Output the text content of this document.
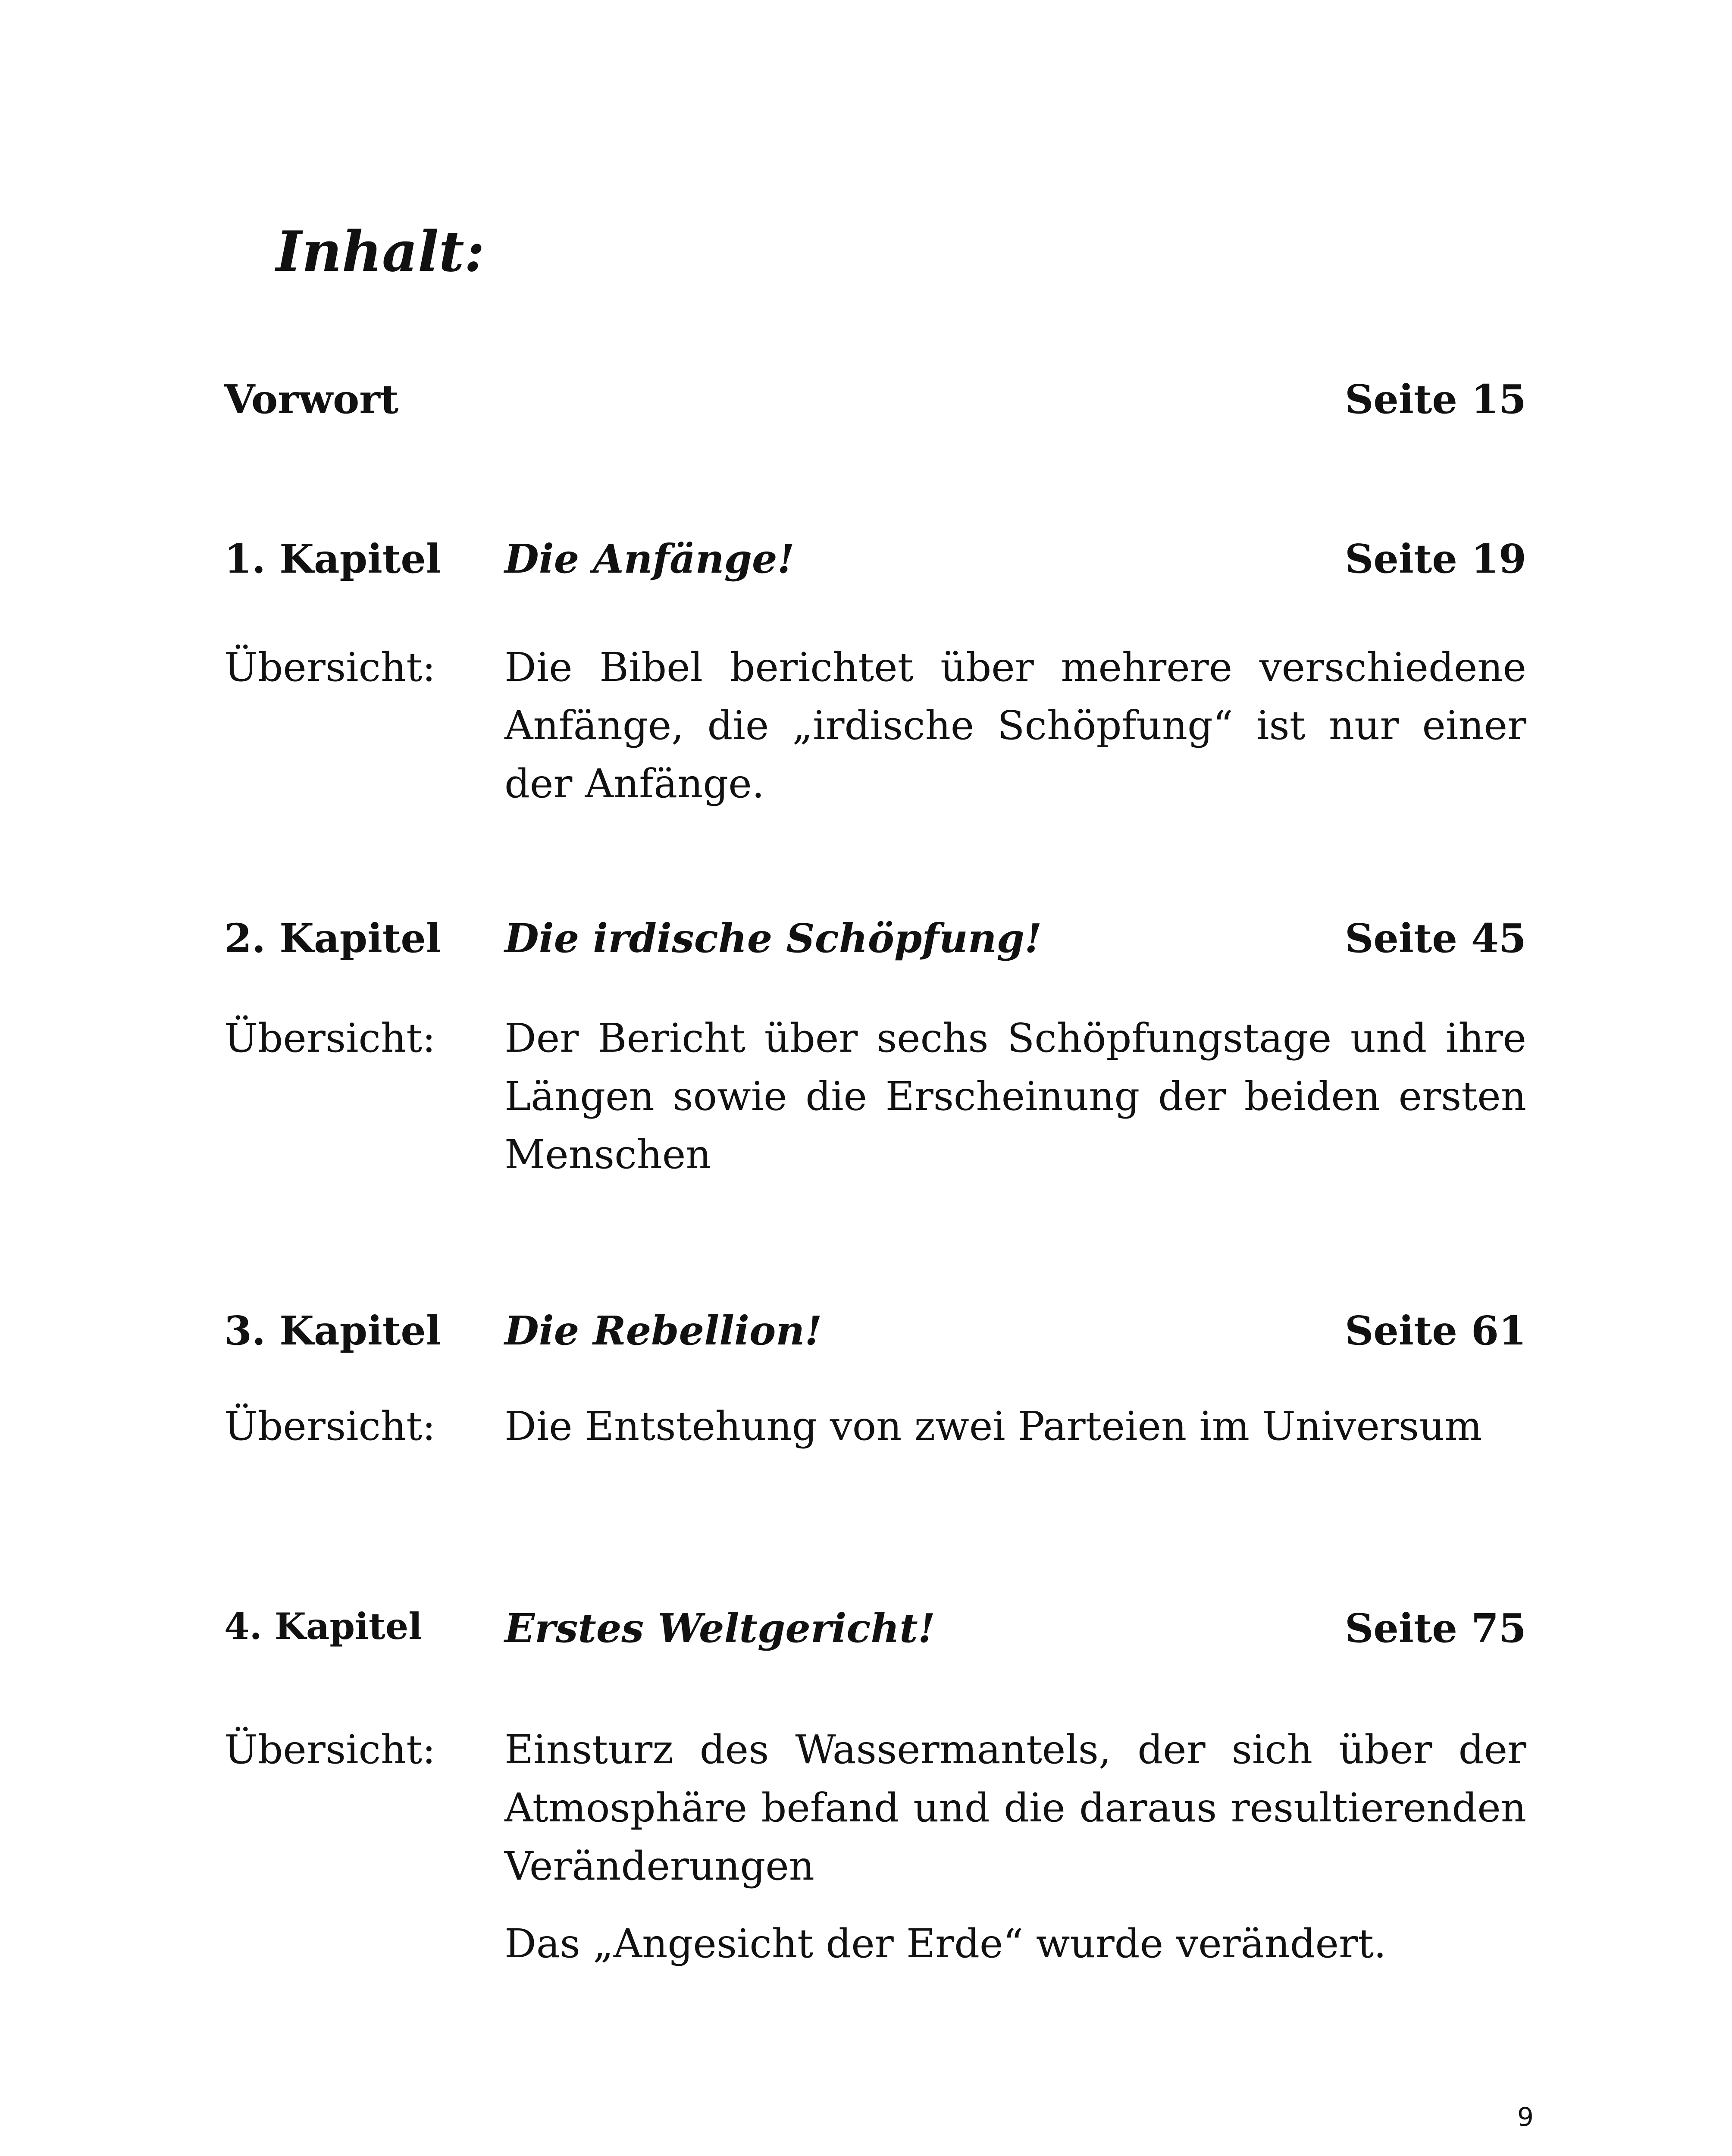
Inhalt:
Vorwort	Seite 15
1. Kapitel Die Anfänge!	Seite 19
Übersicht: Die Bibel berichtet über mehrere verschiedene Anfänge, die „irdische Schöpfung“ ist nur einer der Anfänge.

2. Kapitel Die irdische Schöpfung!	Seite 45
Übersicht: Der Bericht über sechs Schöpfungstage und ihre Längen sowie die Erscheinung der beiden ersten Menschen

3. Kapitel Die Rebellion!	Seite 61
Übersicht: Die Entstehung von zwei Parteien im Universum

4. Kapitel Erstes Weltgericht!	Seite 75
Übersicht: Einsturz des Wassermantels, der sich über der Atmosphäre befand und die daraus resultierenden Veränderungen

Das „Angesicht der Erde“ wurde verändert.

9
